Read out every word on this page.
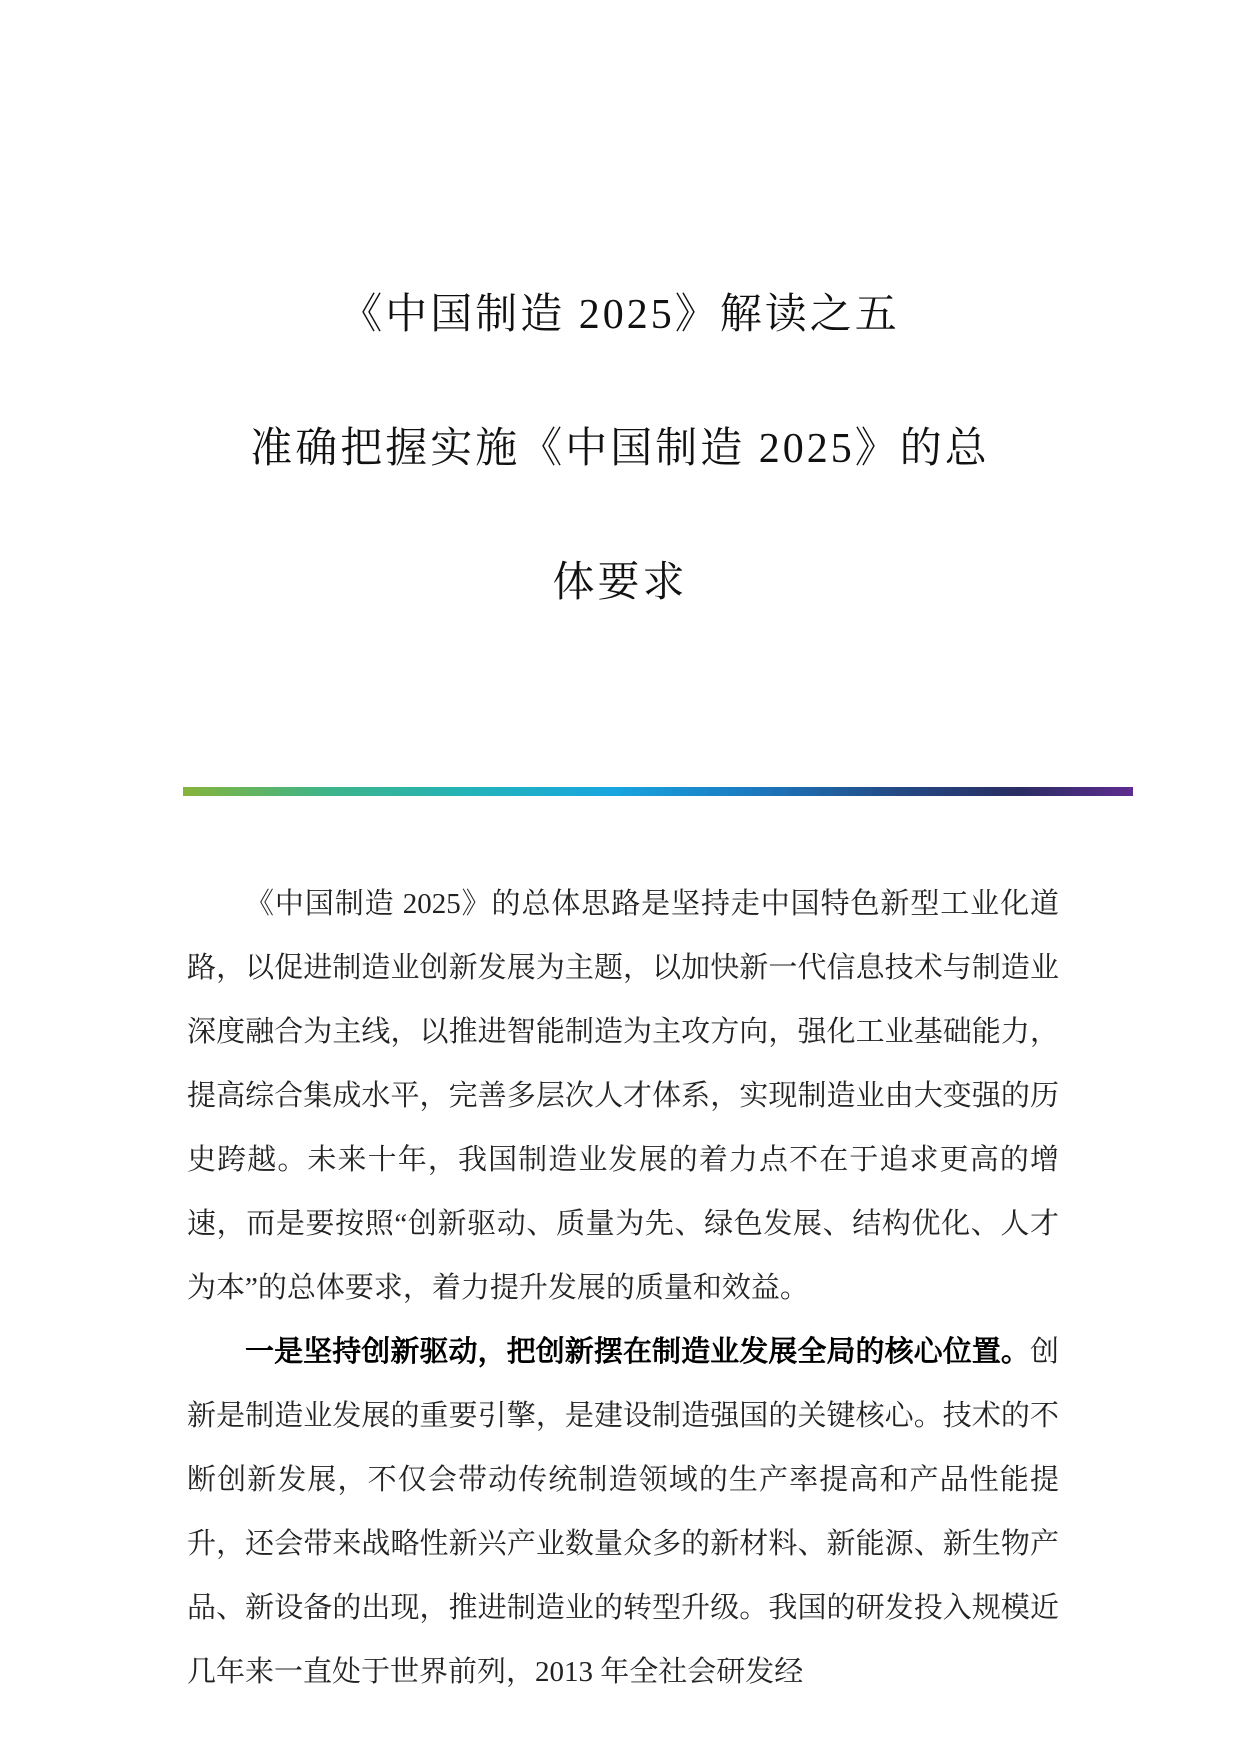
《中国制造 2025》解读之五
准确把握实施《中国制造 2025》的总
体要求

《中国制造 2025》的总体思路是坚持走中国特色新型工业化道路，以促进制造业创新发展为主题，以加快新一代信息技术与制造业深度融合为主线，以推进智能制造为主攻方向，强化工业基础能力，提高综合集成水平，完善多层次人才体系，实现制造业由大变强的历史跨越。未来十年，我国制造业发展的着力点不在于追求更高的增速，而是要按照“创新驱动、质量为先、绿色发展、结构优化、人才为本”的总体要求，着力提升发展的质量和效益。

一是坚持创新驱动，把创新摆在制造业发展全局的核心位置。创新是制造业发展的重要引擎，是建设制造强国的关键核心。技术的不断创新发展，不仅会带动传统制造领域的生产率提高和产品性能提升，还会带来战略性新兴产业数量众多的新材料、新能源、新生物产品、新设备的出现，推进制造业的转型升级。我国的研发投入规模近几年来一直处于世界前列，2013 年全社会研发经
